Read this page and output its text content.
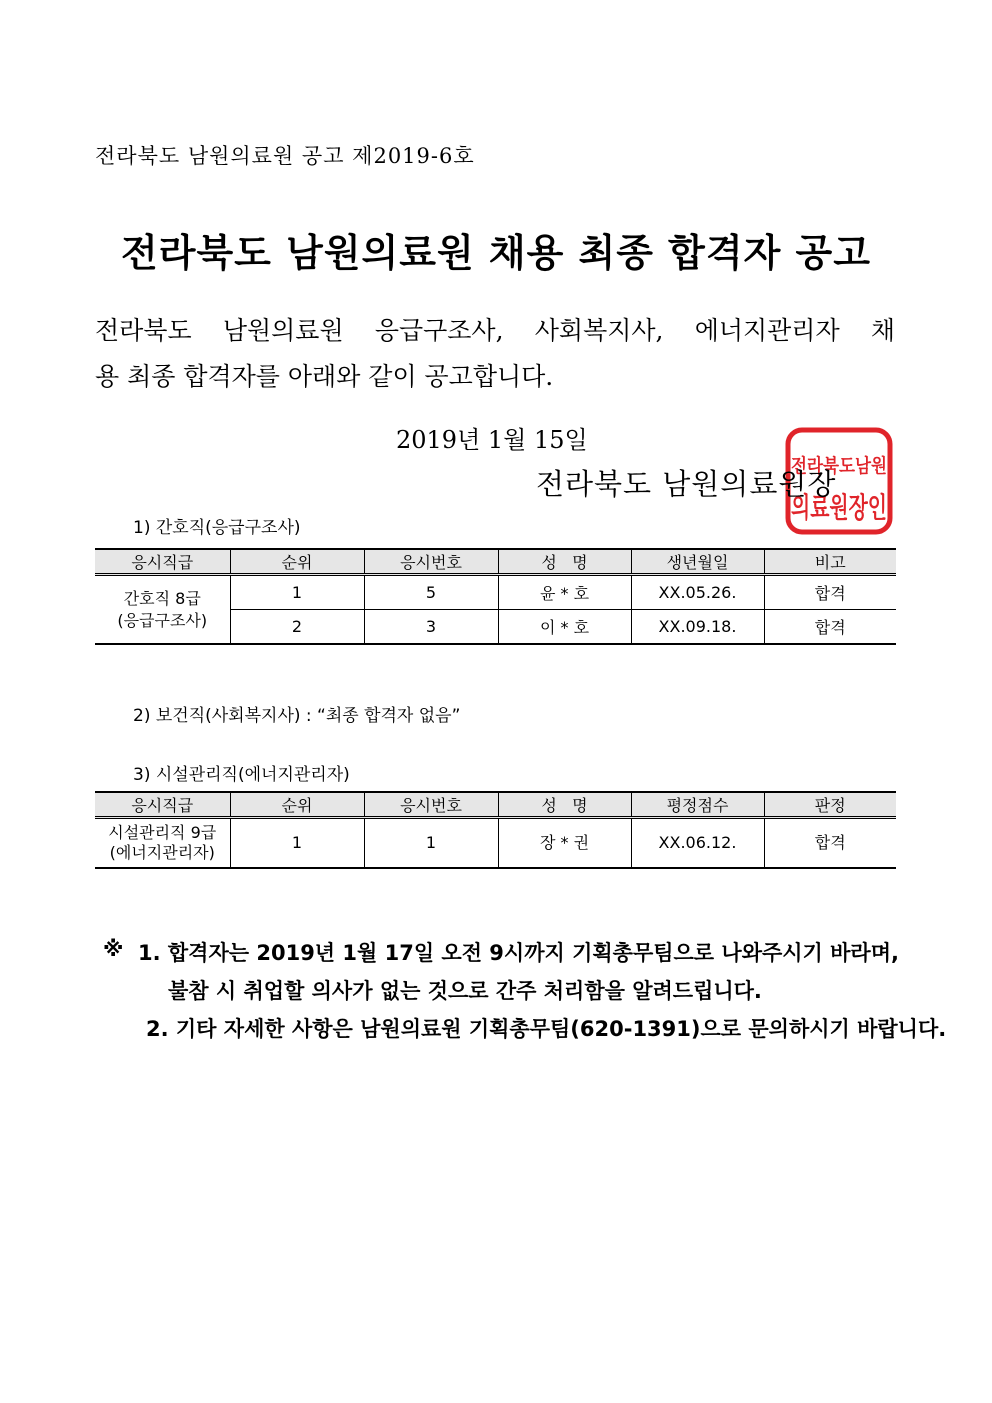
전라북도 남원의료원 공고 제2019-6호
전라북도 남원의료원 채용 최종 합격자 공고
전라북도 남원의료원 응급구조사, 사회복지사, 에너지관리자 채
용 최종 합격자를 아래와 같이 공고합니다.
2019년 1월 15일
전라북도남원
의료원장인
전라북도 남원의료원장
1) 간호직(응급구조사)
응시직급	순위	응시번호	성   명	생년월일	비고

간호직 8급
(응급구조사)	1	5	윤 * 호	XX.05.26.	합격
	2	3	이 * 호	XX.09.18.	합격
2) 보건직(사회복지사) : “최종 합격자 없음”
3) 시설관리직(에너지관리자)
응시직급	순위	응시번호	성   명	평정점수	판정

시설관리직 9급
(에너지관리자)	1	1	장 * 권	XX.06.12.	합격
※ 1. 합격자는 2019년 1월 17일 오전 9시까지 기획총무팀으로 나와주시기 바라며,
불참 시 취업할 의사가 없는 것으로 간주 처리함을 알려드립니다.
2. 기타 자세한 사항은 남원의료원 기획총무팀(620-1391)으로 문의하시기 바랍니다.
